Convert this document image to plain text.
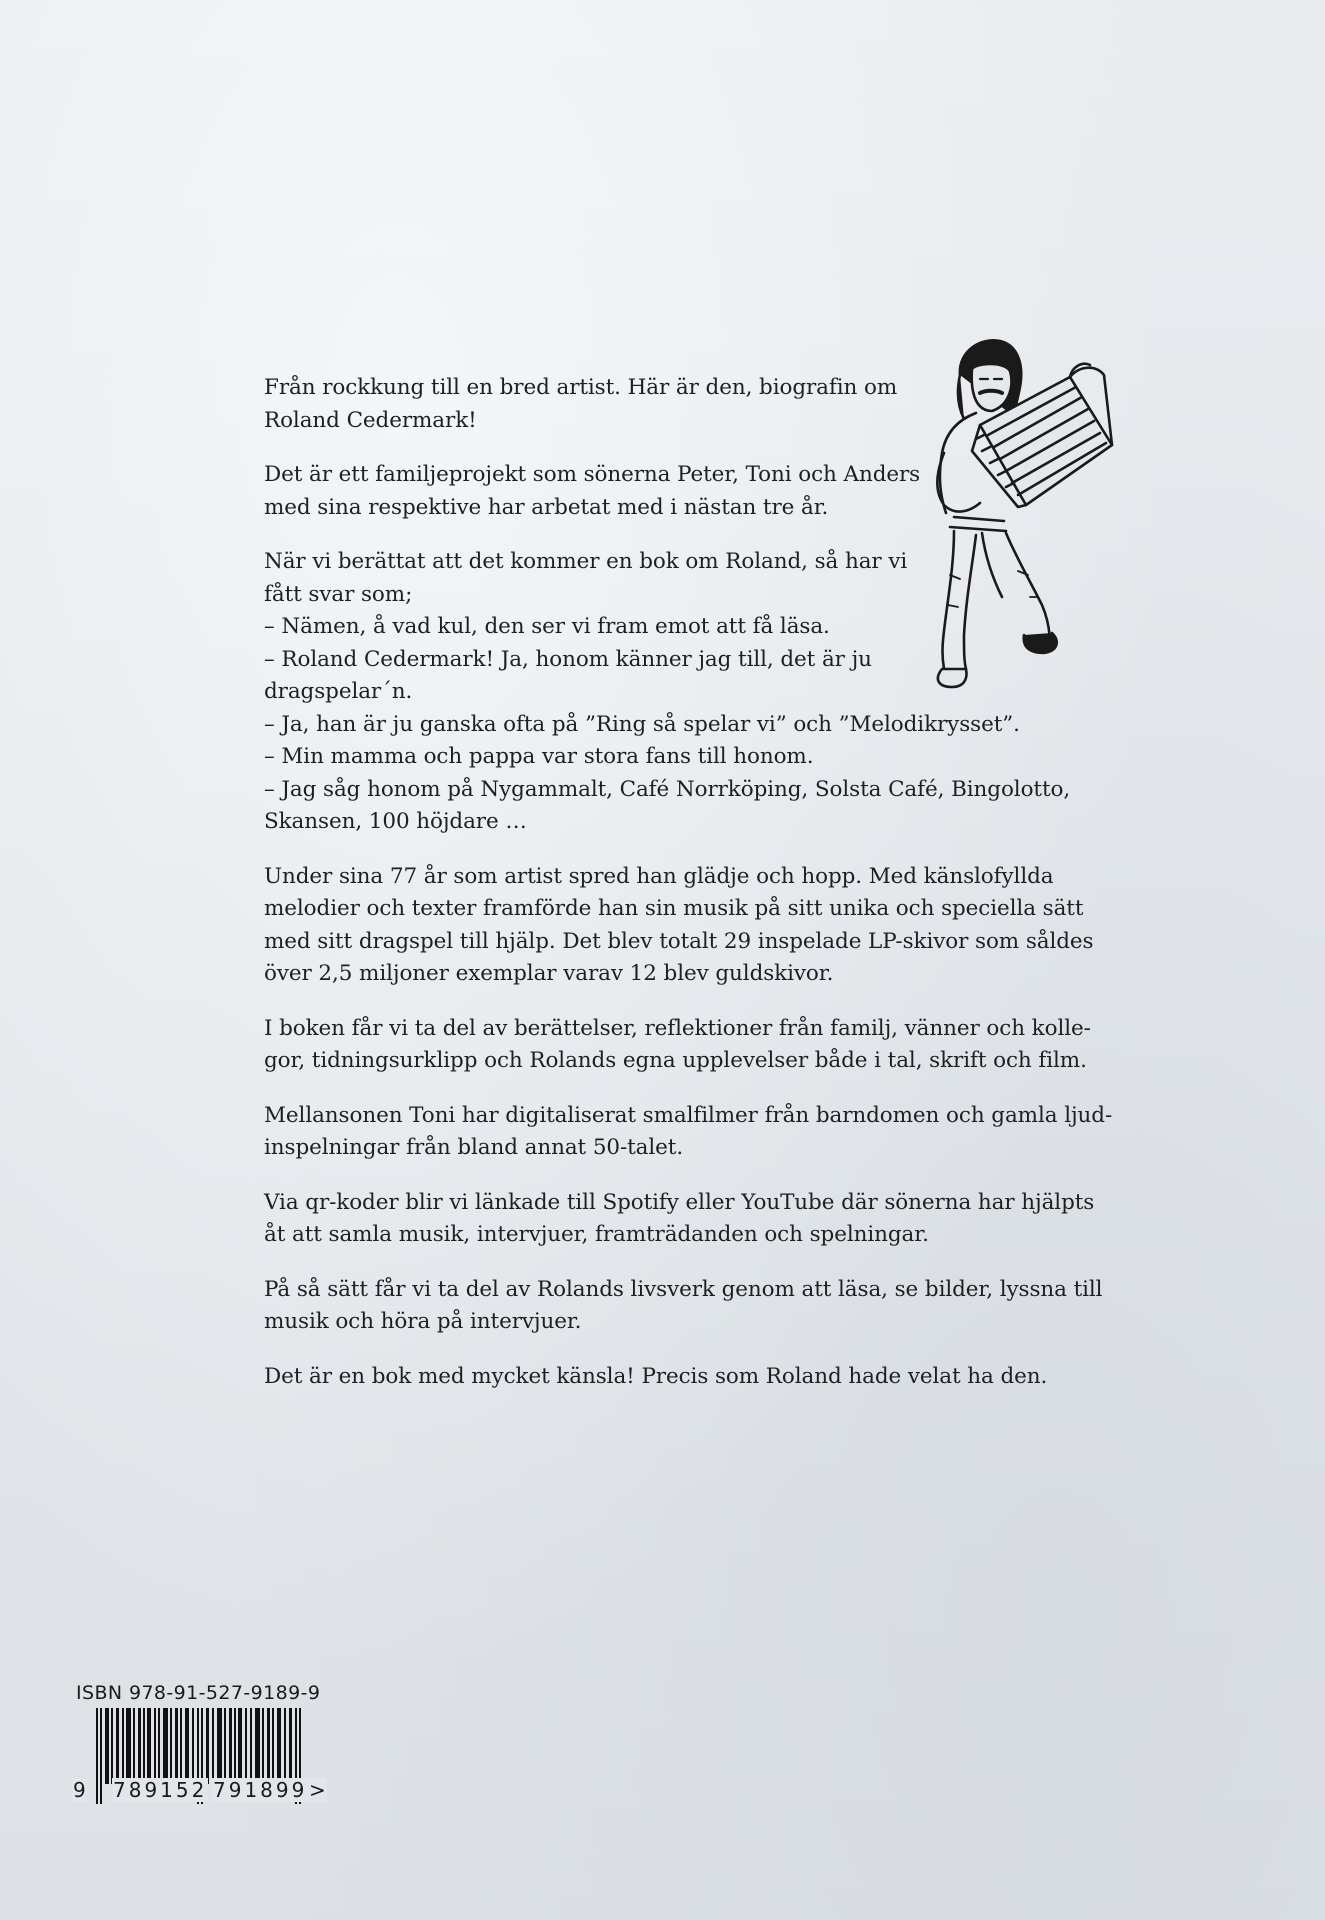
Från rockkung till en bred artist. Här är den, biografin om
Roland Cedermark!

Det är ett familjeprojekt som sönerna Peter, Toni och Anders
med sina respektive har arbetat med i nästan tre år.

När vi berättat att det kommer en bok om Roland, så har vi
fått svar som;
– Nämen, å vad kul, den ser vi fram emot att få läsa.
– Roland Cedermark! Ja, honom känner jag till, det är ju
dragspelar´n.
– Ja, han är ju ganska ofta på ”Ring så spelar vi” och ”Melodikrysset”.
– Min mamma och pappa var stora fans till honom.
– Jag såg honom på Nygammalt, Café Norrköping, Solsta Café, Bingolotto,
Skansen, 100 höjdare …

Under sina 77 år som artist spred han glädje och hopp. Med känslofyllda
melodier och texter framförde han sin musik på sitt unika och speciella sätt
med sitt dragspel till hjälp. Det blev totalt 29 inspelade LP-skivor som såldes
över 2,5 miljoner exemplar varav 12 blev guldskivor.

I boken får vi ta del av berättelser, reflektioner från familj, vänner och kolle-
gor, tidningsurklipp och Rolands egna upplevelser både i tal, skrift och film.

Mellansonen Toni har digitaliserat smalfilmer från barndomen och gamla ljud-
inspelningar från bland annat 50-talet.

Via qr-koder blir vi länkade till Spotify eller YouTube där sönerna har hjälpts
åt att samla musik, intervjuer, framträdanden och spelningar.

På så sätt får vi ta del av Rolands livsverk genom att läsa, se bilder, lyssna till
musik och höra på intervjuer.

Det är en bok med mycket känsla! Precis som Roland hade velat ha den.

ISBN 978-91-527-9189-9
9 789152 791899 >
